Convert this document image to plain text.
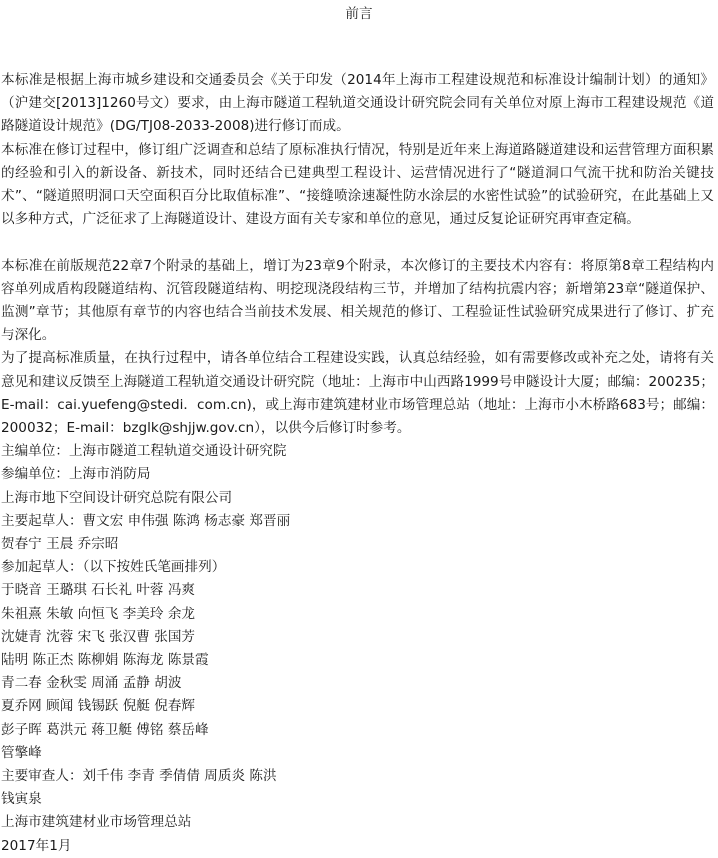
前言

本标准是根据上海市城乡建设和交通委员会《关于印发（2014年上海市工程建设规范和标准设计编制计划）的通知》（沪建交[2013]1260号文）要求，由上海市隧道工程轨道交通设计研究院会同有关单位对原上海市工程建设规范《道路隧道设计规范》(DG/TJ08-2033-2008)进行修订而成。

本标准在修订过程中，修订组广泛调查和总结了原标准执行情况，特别是近年来上海道路隧道建设和运营管理方面积累的经验和引入的新设备、新技术，同时还结合已建典型工程设计、运营情况进行了“隧道洞口气流干扰和防治关键技术”、“隧道照明洞口天空面积百分比取值标准”、“接缝喷涂速凝性防水涂层的水密性试验”的试验研究，在此基础上又以多种方式，广泛征求了上海隧道设计、建设方面有关专家和单位的意见，通过反复论证研究再审查定稿。

本标准在前版规范22章7个附录的基础上，增订为23章9个附录，本次修订的主要技术内容有：将原第8章工程结构内容单列成盾构段隧道结构、沉管段隧道结构、明挖现浇段结构三节，并增加了结构抗震内容；新增第23章“隧道保护、监测”章节；其他原有章节的内容也结合当前技术发展、相关规范的修订、工程验证性试验研究成果进行了修订、扩充与深化。

为了提高标准质量，在执行过程中，请各单位结合工程建设实践，认真总结经验，如有需要修改或补充之处，请将有关意见和建议反馈至上海隧道工程轨道交通设计研究院（地址：上海市中山西路1999号申隧设计大厦；邮编：200235；E-mail：cai.yuefeng@stedi．com.cn)，或上海市建筑建材业市场管理总站（地址：上海市小木桥路683号；邮编：200032；E-mail：bzglk@shjjw.gov.cn），以供今后修订时参考。

主编单位：上海市隧道工程轨道交通设计研究院

参编单位：上海市消防局

上海市地下空间设计研究总院有限公司

主要起草人：曹文宏 申伟强 陈鸿 杨志豪 郑晋丽

贺春宁 王晨 乔宗昭

参加起草人：（以下按姓氏笔画排列）

于晓音 王璐琪 石长礼 叶蓉 冯爽

朱祖熹 朱敏 向恒飞 李美玲 余龙

沈婕青 沈蓉 宋飞 张汉曹 张国芳

陆明 陈正杰 陈柳娟 陈海龙 陈景霞

青二春 金秋雯 周涌 孟静 胡波

夏乔网 顾闻 钱锡跃 倪艇 倪春辉

彭子晖 葛洪元 蒋卫艇 傅铭 蔡岳峰

管擎峰

主要审查人：刘千伟 李青 季倩倩 周质炎 陈洪

钱寅泉

上海市建筑建材业市场管理总站

2017年1月
